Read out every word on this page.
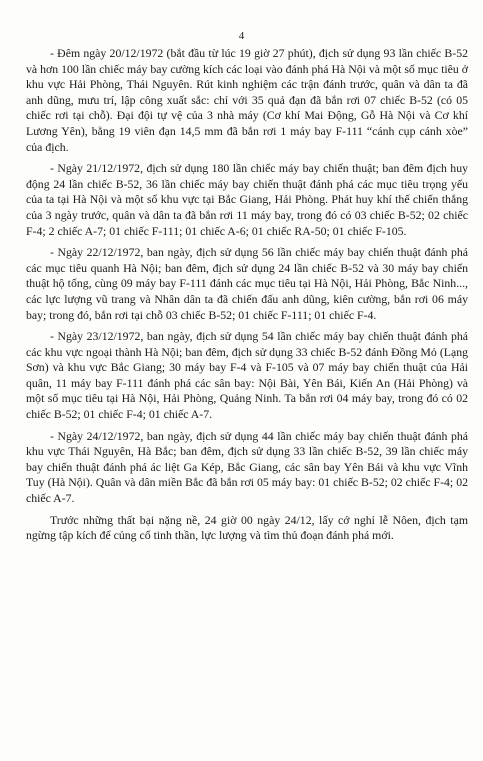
4

- Đêm ngày 20/12/1972 (bắt đầu từ lúc 19 giờ 27 phút), địch sử dụng 93 lần chiếc B-52 và hơn 100 lần chiếc máy bay cường kích các loại vào đánh phá Hà Nội và một số mục tiêu ở khu vực Hải Phòng, Thái Nguyên. Rút kinh nghiệm các trận đánh trước, quân và dân ta đã anh dũng, mưu trí, lập công xuất sắc: chỉ với 35 quả đạn đã bắn rơi 07 chiếc B-52 (có 05 chiếc rơi tại chỗ). Đại đội tự vệ của 3 nhà máy (Cơ khí Mai Động, Gỗ Hà Nội và Cơ khí Lương Yên), bằng 19 viên đạn 14,5 mm đã bắn rơi 1 máy bay F-111 “cánh cụp cánh xòe” của địch.

- Ngày 21/12/1972, địch sử dụng 180 lần chiếc máy bay chiến thuật; ban đêm địch huy động 24 lần chiếc B-52, 36 lần chiếc máy bay chiến thuật đánh phá các mục tiêu trọng yếu của ta tại Hà Nội và một số khu vực tại Bắc Giang, Hải Phòng. Phát huy khí thế chiến thắng của 3 ngày trước, quân và dân ta đã bắn rơi 11 máy bay, trong đó có 03 chiếc B-52; 02 chiếc F-4; 2 chiếc A-7; 01 chiếc F-111; 01 chiếc A-6; 01 chiếc RA-50; 01 chiếc F-105.

- Ngày 22/12/1972, ban ngày, địch sử dụng 56 lần chiếc máy bay chiến thuật đánh phá các mục tiêu quanh Hà Nội; ban đêm, địch sử dụng 24 lần chiếc B-52 và 30 máy bay chiến thuật hộ tống, cùng 09 máy bay F-111 đánh các mục tiêu tại Hà Nội, Hải Phòng, Bắc Ninh..., các lực lượng vũ trang và Nhân dân ta đã chiến đấu anh dũng, kiên cường, bắn rơi 06 máy bay; trong đó, bắn rơi tại chỗ 03 chiếc B-52; 01 chiếc F-111; 01 chiếc F-4.

- Ngày 23/12/1972, ban ngày, địch sử dụng 54 lần chiếc máy bay chiến thuật đánh phá các khu vực ngoại thành Hà Nội; ban đêm, địch sử dụng 33 chiếc B-52 đánh Đồng Mỏ (Lạng Sơn) và khu vực Bắc Giang; 30 máy bay F-4 và F-105 và 07 máy bay chiến thuật của Hải quân, 11 máy bay F-111 đánh phá các sân bay: Nội Bài, Yên Bái, Kiến An (Hải Phòng) và một số mục tiêu tại Hà Nội, Hải Phòng, Quảng Ninh. Ta bắn rơi 04 máy bay, trong đó có 02 chiếc B-52; 01 chiếc F-4; 01 chiếc A-7.

- Ngày 24/12/1972, ban ngày, địch sử dụng 44 lần chiếc máy bay chiến thuật đánh phá khu vực Thái Nguyên, Hà Bắc; ban đêm, địch sử dụng 33 lần chiếc B-52, 39 lần chiếc máy bay chiến thuật đánh phá ác liệt Ga Kép, Bắc Giang, các sân bay Yên Bái và khu vực Vĩnh Tuy (Hà Nội). Quân và dân miền Bắc đã bắn rơi 05 máy bay: 01 chiếc B-52; 02 chiếc F-4; 02 chiếc A-7.

Trước những thất bại nặng nề, 24 giờ 00 ngày 24/12, lấy cớ nghỉ lễ Nôen, địch tạm ngừng tập kích để củng cố tinh thần, lực lượng và tìm thủ đoạn đánh phá mới.
